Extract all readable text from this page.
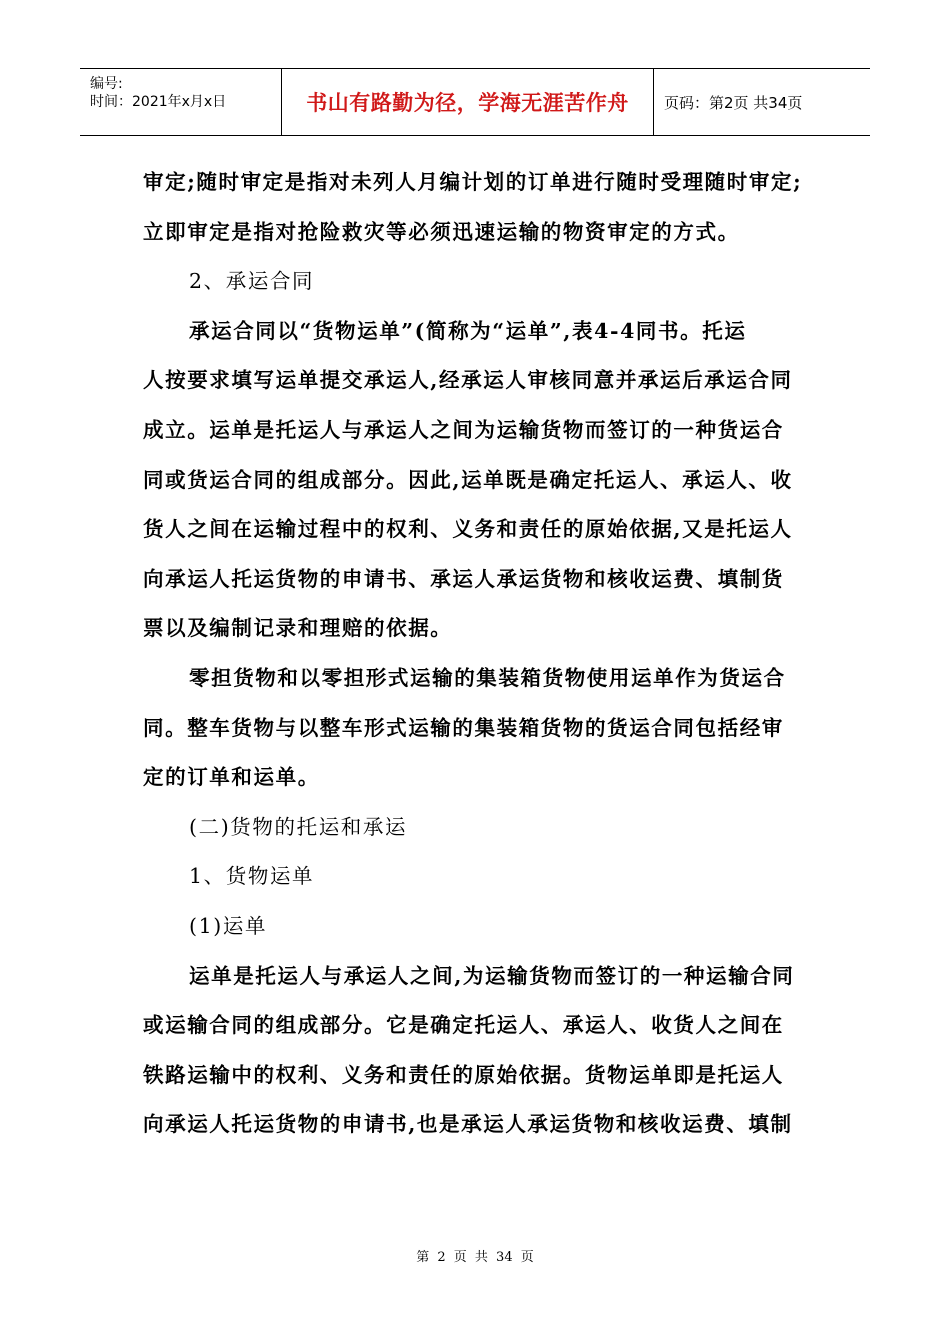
编号:
时间：2021年x月x日	书山有路勤为径，学海无涯苦作舟 页码：第2页 共34页
审定;随时审定是指对未列人月编计划的订单进行随时受理随时审定;
立即审定是指对抢险救灾等必须迅速运输的物资审定的方式。
2、承运合同
承运合同以“货物运单”(简称为“运单”,表4-4同书。托运
人按要求填写运单提交承运人,经承运人审核同意并承运后承运合同
成立。运单是托运人与承运人之间为运输货物而签订的一种货运合
同或货运合同的组成部分。因此,运单既是确定托运人、承运人、收
货人之间在运输过程中的权利、义务和责任的原始依据,又是托运人
向承运人托运货物的申请书、承运人承运货物和核收运费、填制货
票以及编制记录和理赔的依据。
零担货物和以零担形式运输的集装箱货物使用运单作为货运合
同。整车货物与以整车形式运输的集装箱货物的货运合同包括经审
定的订单和运单。
(二)货物的托运和承运
1、货物运单
(1)运单
运单是托运人与承运人之间,为运输货物而签订的一种运输合同
或运输合同的组成部分。它是确定托运人、承运人、收货人之间在
铁路运输中的权利、义务和责任的原始依据。货物运单即是托运人
向承运人托运货物的申请书,也是承运人承运货物和核收运费、填制
第 2 页 共 34 页
